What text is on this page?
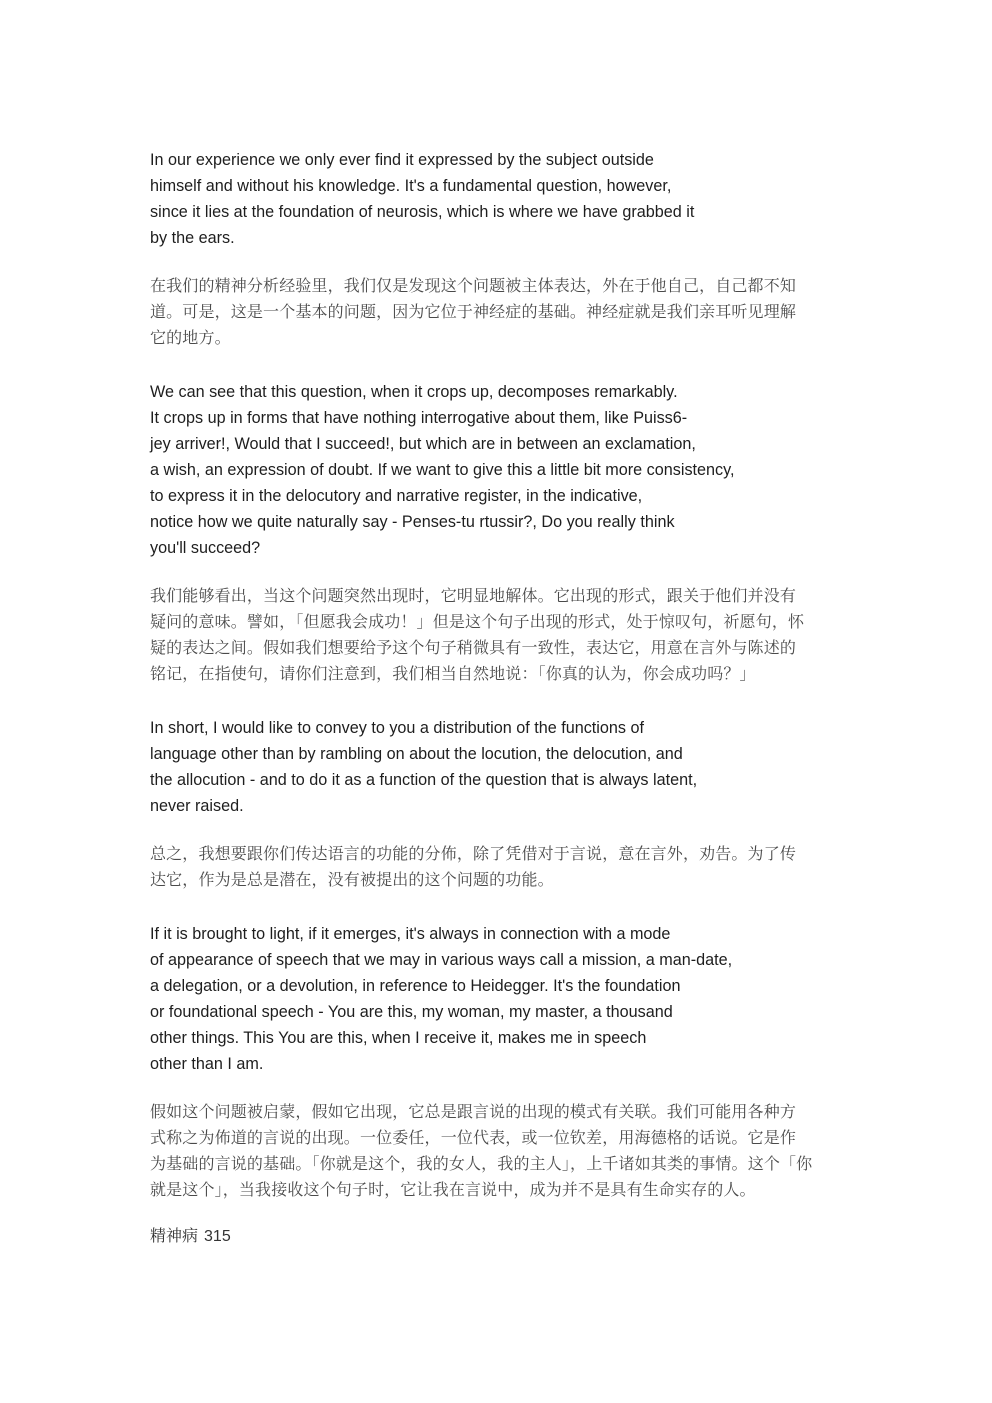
In our experience we only ever find it expressed by the subject outside
himself and without his knowledge. It's a fundamental question, however,
since it lies at the foundation of neurosis, which is where we have grabbed it
by the ears.

在我们的精神分析经验里，我们仅是发现这个问题被主体表达，外在于他自己，自己都不知
道。可是，这是一个基本的问题，因为它位于神经症的基础。神经症就是我们亲耳听见理解
它的地方。

We can see that this question, when it crops up, decomposes remarkably.
It crops up in forms that have nothing interrogative about them, like Puiss6-
jey arriver!, Would that I succeed!, but which are in between an exclamation,
a wish, an expression of doubt. If we want to give this a little bit more consistency,
to express it in the delocutory and narrative register, in the indicative,
notice how we quite naturally say - Penses-tu rtussir?, Do you really think
you'll succeed?

我们能够看出，当这个问题突然出现时，它明显地解体。它出现的形式，跟关于他们并没有
疑问的意味。譬如，「但愿我会成功！」但是这个句子出现的形式，处于惊叹句，祈愿句，怀
疑的表达之间。假如我们想要给予这个句子稍微具有一致性，表达它，用意在言外与陈述的
铭记，在指使句，请你们注意到，我们相当自然地说：「你真的认为，你会成功吗？」

In short, I would like to convey to you a distribution of the functions of
language other than by rambling on about the locution, the delocution, and
the allocution - and to do it as a function of the question that is always latent,
never raised.

总之，我想要跟你们传达语言的功能的分佈，除了凭借对于言说，意在言外，劝告。为了传
达它，作为是总是潜在，没有被提出的这个问题的功能。

If it is brought to light, if it emerges, it's always in connection with a mode
of appearance of speech that we may in various ways call a mission, a man-date,
a delegation, or a devolution, in reference to Heidegger. It's the foundation
or foundational speech - You are this, my woman, my master, a thousand
other things. This You are this, when I receive it, makes me in speech
other than I am.

假如这个问题被启蒙，假如它出现，它总是跟言说的出现的模式有关联。我们可能用各种方
式称之为佈道的言说的出现。一位委任，一位代表，或一位钦差，用海德格的话说。它是作
为基础的言说的基础。「你就是这个，我的女人，我的主人」，上千诸如其类的事情。这个「你
就是这个」，当我接收这个句子时，它让我在言说中，成为并不是具有生命实存的人。

精神病 315
